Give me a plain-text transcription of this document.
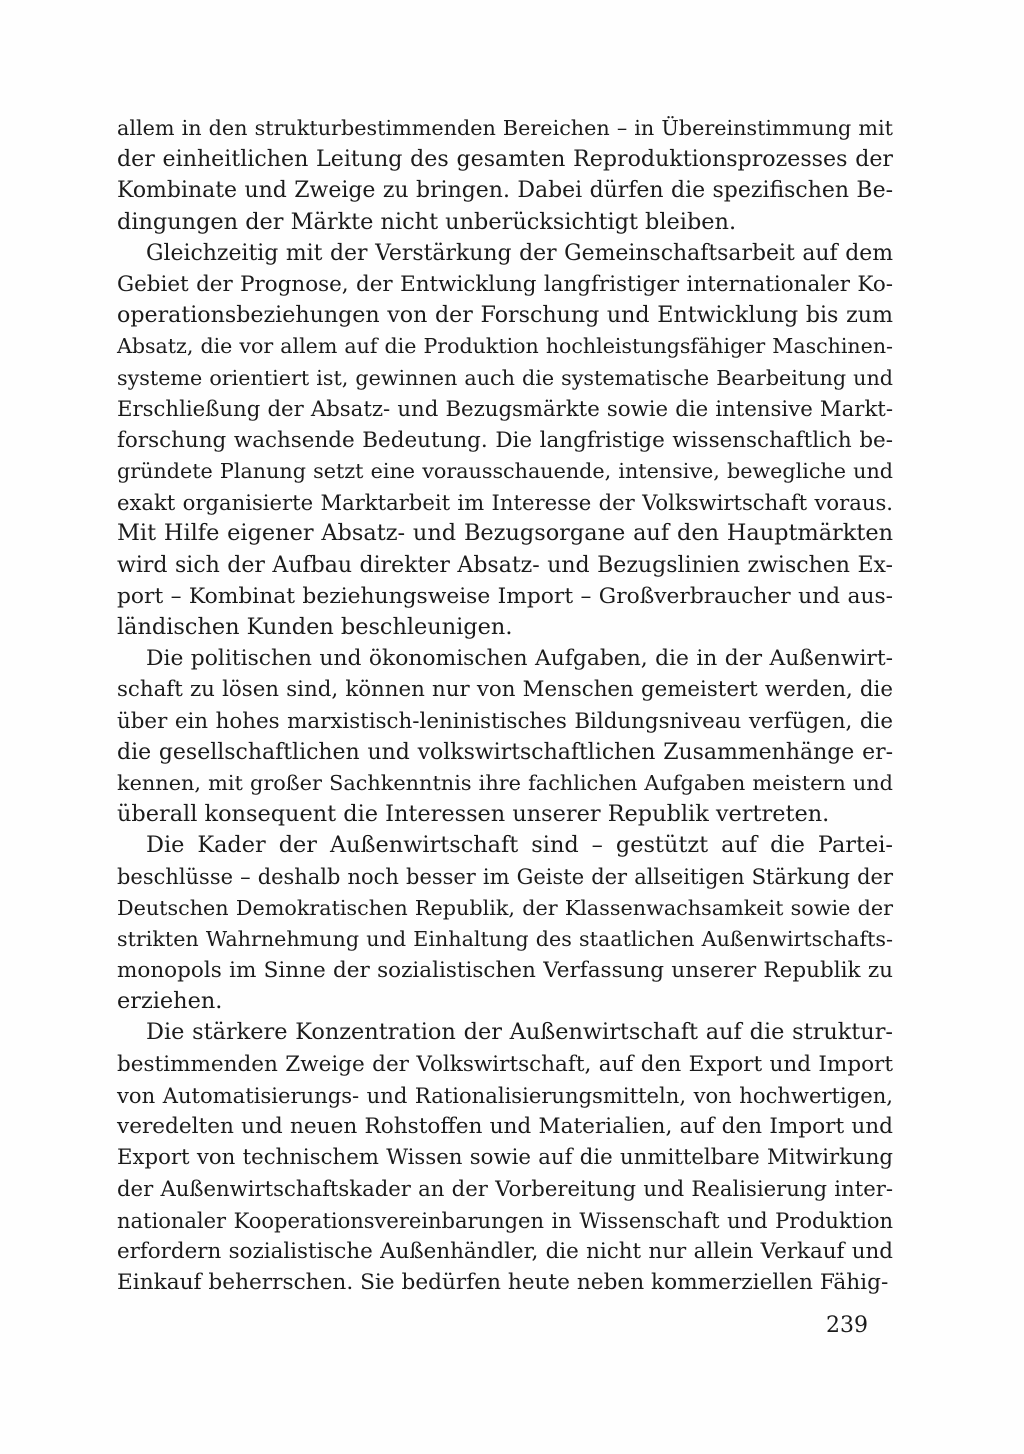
allem in den strukturbestimmenden Bereichen – in Übereinstimmung mit
der einheitlichen Leitung des gesamten Reproduktionsprozesses der
Kombinate und Zweige zu bringen. Dabei dürfen die spezifischen Be-
dingungen der Märkte nicht unberücksichtigt bleiben.
Gleichzeitig mit der Verstärkung der Gemeinschaftsarbeit auf dem
Gebiet der Prognose, der Entwicklung langfristiger internationaler Ko-
operationsbeziehungen von der Forschung und Entwicklung bis zum
Absatz, die vor allem auf die Produktion hochleistungsfähiger Maschinen-
systeme orientiert ist, gewinnen auch die systematische Bearbeitung und
Erschließung der Absatz- und Bezugsmärkte sowie die intensive Markt-
forschung wachsende Bedeutung. Die langfristige wissenschaftlich be-
gründete Planung setzt eine vorausschauende, intensive, bewegliche und
exakt organisierte Marktarbeit im Interesse der Volkswirtschaft voraus.
Mit Hilfe eigener Absatz- und Bezugsorgane auf den Hauptmärkten
wird sich der Aufbau direkter Absatz- und Bezugslinien zwischen Ex-
port – Kombinat beziehungsweise Import – Großverbraucher und aus-
ländischen Kunden beschleunigen.
Die politischen und ökonomischen Aufgaben, die in der Außenwirt-
schaft zu lösen sind, können nur von Menschen gemeistert werden, die
über ein hohes marxistisch-leninistisches Bildungsniveau verfügen, die
die gesellschaftlichen und volkswirtschaftlichen Zusammenhänge er-
kennen, mit großer Sachkenntnis ihre fachlichen Aufgaben meistern und
überall konsequent die Interessen unserer Republik vertreten.
Die Kader der Außenwirtschaft sind – gestützt auf die Partei-
beschlüsse – deshalb noch besser im Geiste der allseitigen Stärkung der
Deutschen Demokratischen Republik, der Klassenwachsamkeit sowie der
strikten Wahrnehmung und Einhaltung des staatlichen Außenwirtschafts-
monopols im Sinne der sozialistischen Verfassung unserer Republik zu
erziehen.
Die stärkere Konzentration der Außenwirtschaft auf die struktur-
bestimmenden Zweige der Volkswirtschaft, auf den Export und Import
von Automatisierungs- und Rationalisierungsmitteln, von hochwertigen,
veredelten und neuen Rohstoffen und Materialien, auf den Import und
Export von technischem Wissen sowie auf die unmittelbare Mitwirkung
der Außenwirtschaftskader an der Vorbereitung und Realisierung inter-
nationaler Kooperationsvereinbarungen in Wissenschaft und Produktion
erfordern sozialistische Außenhändler, die nicht nur allein Verkauf und
Einkauf beherrschen. Sie bedürfen heute neben kommerziellen Fähig-
239
